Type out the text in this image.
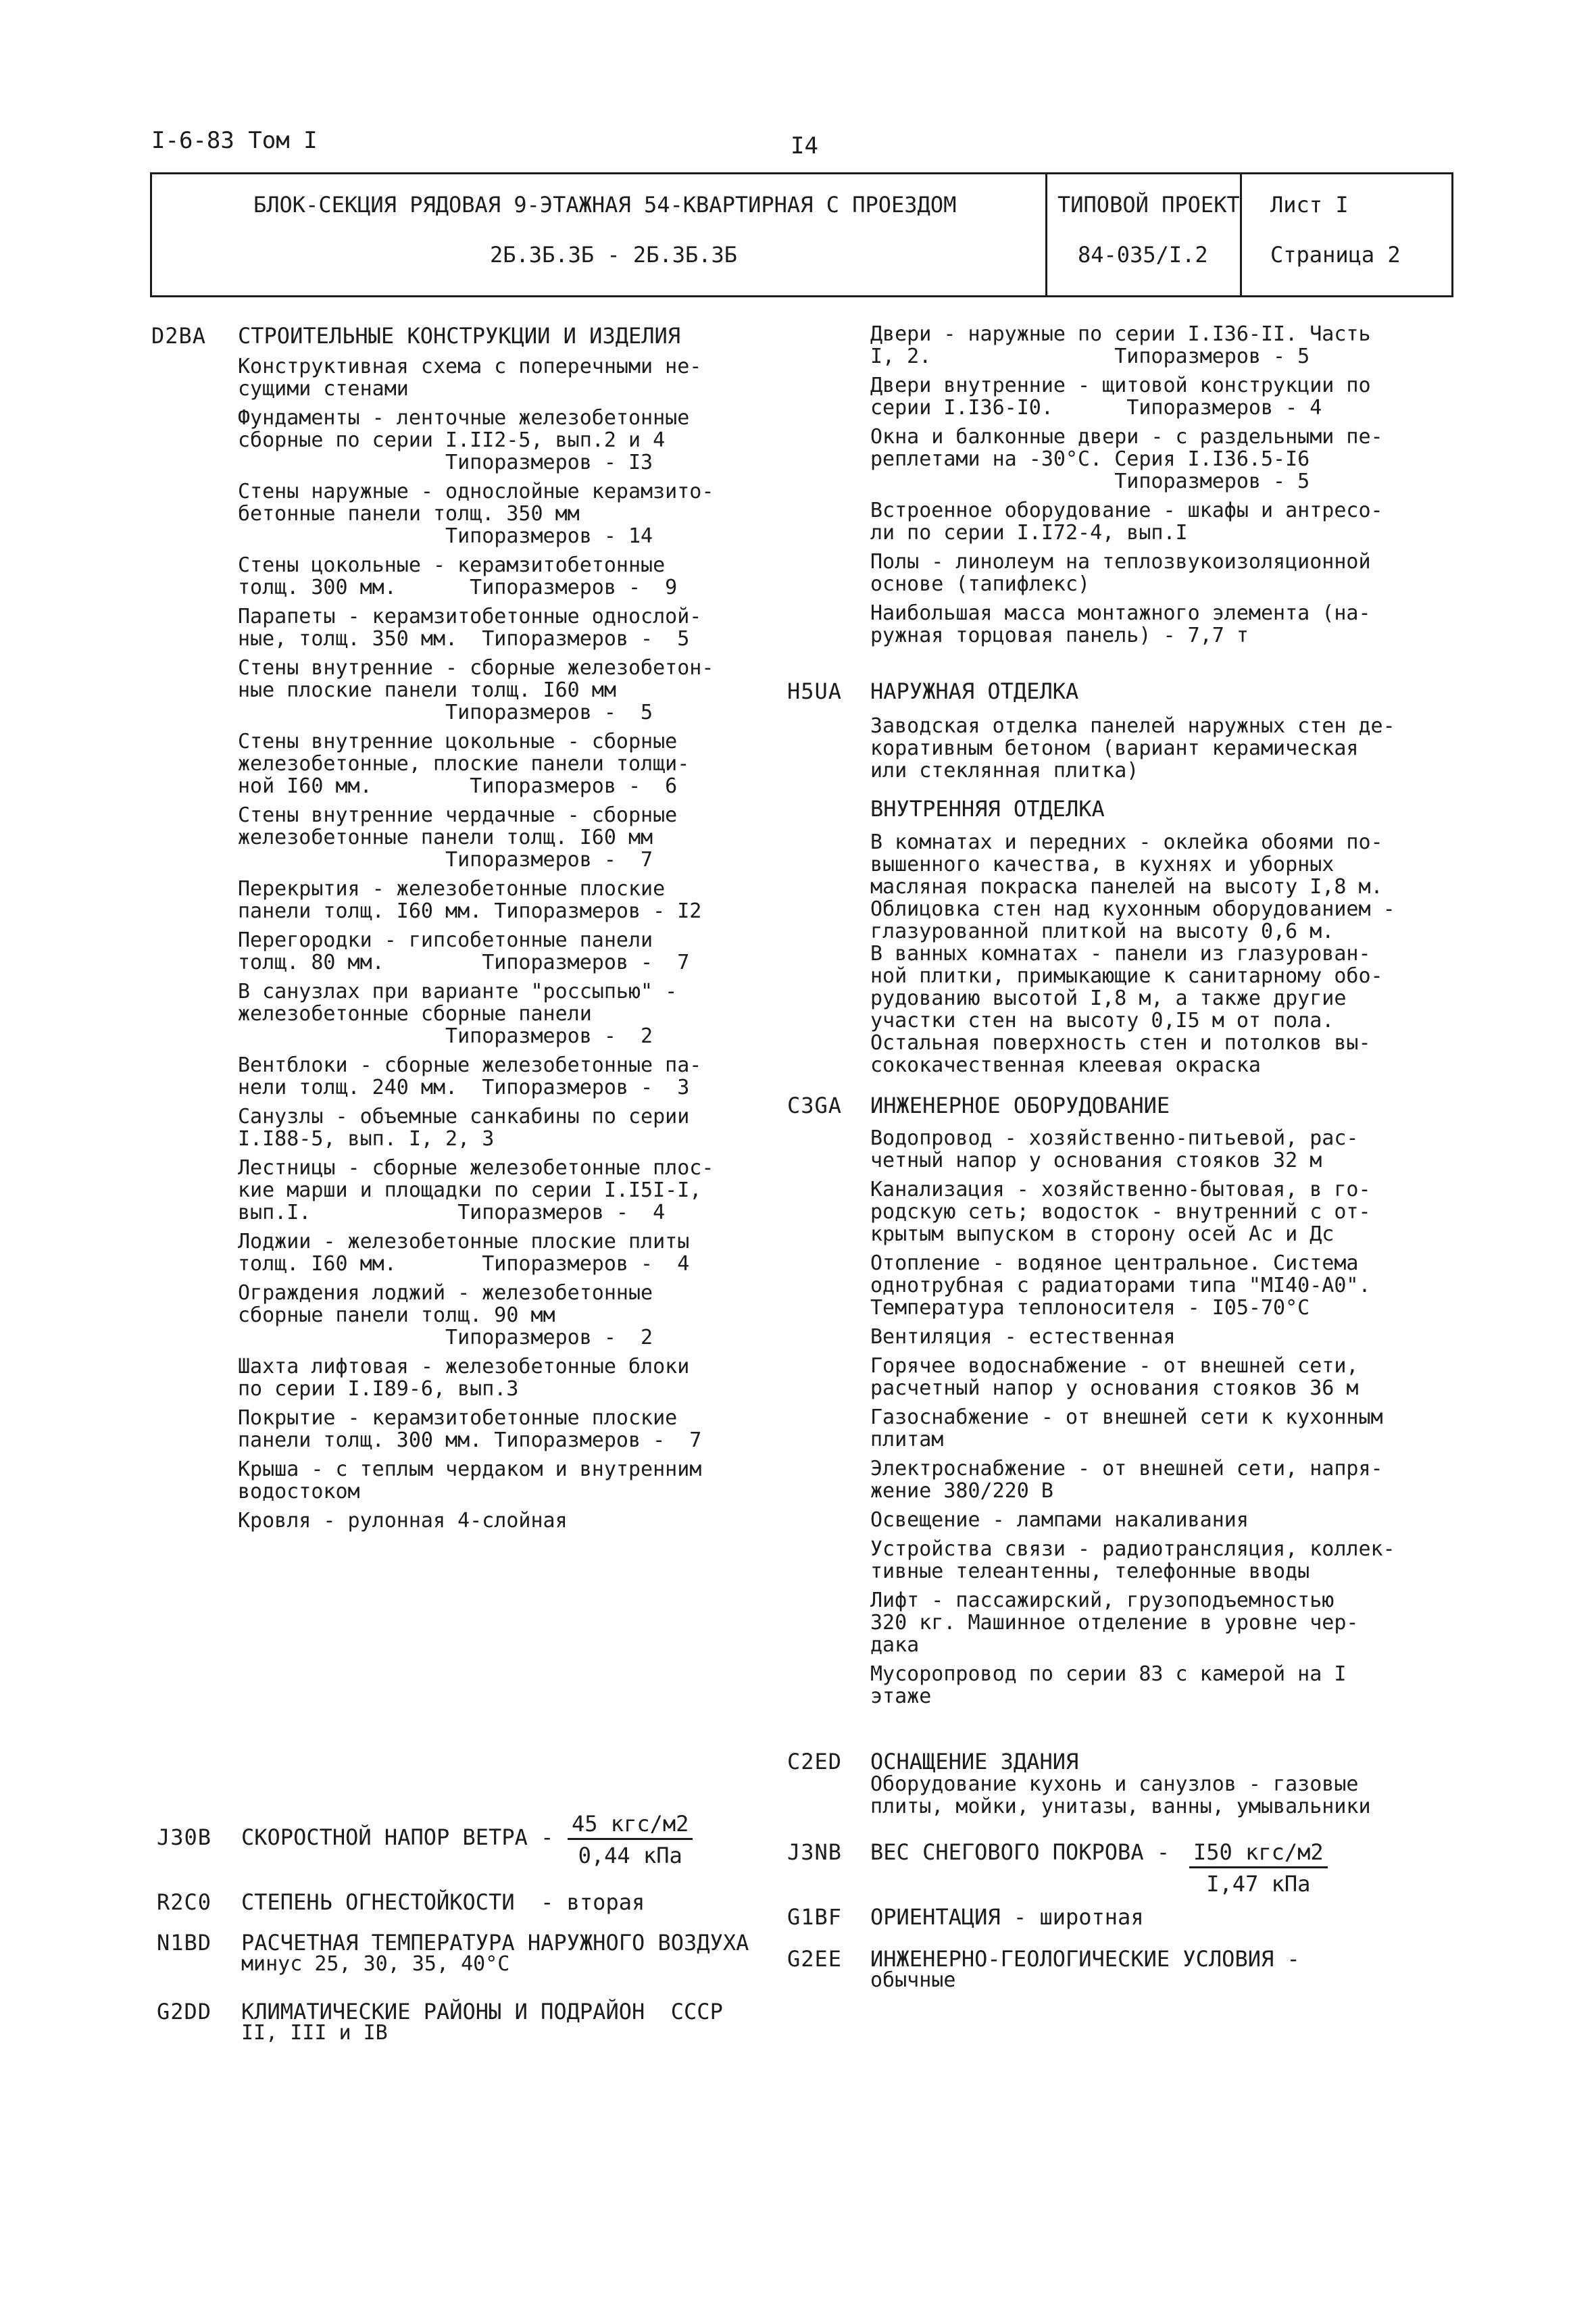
I-6-83 Том I	I4
БЛОК-СЕКЦИЯ РЯДОВАЯ 9-ЭТАЖНАЯ 54-КВАРТИРНАЯ С ПРОЕЗДОМ
2Б.3Б.3Б - 2Б.3Б.3Б
ТИПОВОЙ ПРОЕКТ
84-035/I.2
Лист I
Страница 2
D2BA СТРОИТЕЛЬНЫЕ КОНСТРУКЦИИ И ИЗДЕЛИЯ

Конструктивная схема с поперечными не-
сущими стенами

Фундаменты - ленточные железобетонные
сборные по серии I.II2-5, вып.2 и 4
Типоразмеров - I3

Стены наружные - однослойные керамзито-
бетонные панели толщ. 350 мм
Типоразмеров - 14

Стены цокольные - керамзитобетонные
толщ. 300 мм.      Типоразмеров -  9

Парапеты - керамзитобетонные однослой-
ные, толщ. 350 мм.  Типоразмеров -  5

Стены внутренние - сборные железобетон-
ные плоские панели толщ. I60 мм
Типоразмеров -  5

Стены внутренние цокольные - сборные
железобетонные, плоские панели толщи-
ной I60 мм.        Типоразмеров -  6

Стены внутренние чердачные - сборные
железобетонные панели толщ. I60 мм
Типоразмеров -  7

Перекрытия - железобетонные плоские
панели толщ. I60 мм. Типоразмеров - I2

Перегородки - гипсобетонные панели
толщ. 80 мм.        Типоразмеров -  7

В санузлах при варианте "россыпью" -
железобетонные сборные панели
Типоразмеров -  2

Вентблоки - сборные железобетонные па-
нели толщ. 240 мм.  Типоразмеров -  3

Санузлы - объемные санкабины по серии
I.I88-5, вып. I, 2, 3

Лестницы - сборные железобетонные плос-
кие марши и площадки по серии I.I5I-I,
вып.I.            Типоразмеров -  4

Лоджии - железобетонные плоские плиты
толщ. I60 мм.       Типоразмеров -  4

Ограждения лоджий - железобетонные
сборные панели толщ. 90 мм
Типоразмеров -  2

Шахта лифтовая - железобетонные блоки
по серии I.I89-6, вып.3

Покрытие - керамзитобетонные плоские
панели толщ. 300 мм. Типоразмеров -  7

Крыша - с теплым чердаком и внутренним
водостоком

Кровля - рулонная 4-слойная

Двери - наружные по серии I.I36-II. Часть
I, 2.               Типоразмеров - 5

Двери внутренние - щитовой конструкции по
серии I.I36-I0.      Типоразмеров - 4

Окна и балконные двери - с раздельными пе-
реплетами на -30°С. Серия I.I36.5-I6
Типоразмеров - 5

Встроенное оборудование - шкафы и антресо-
ли по серии I.I72-4, вып.I

Полы - линолеум на теплозвукоизоляционной
основе (тапифлекс)

Наибольшая масса монтажного элемента (на-
ружная торцовая панель) - 7,7 т

H5UA НАРУЖНАЯ ОТДЕЛКА
Заводская отделка панелей наружных стен де-
коративным бетоном (вариант керамическая
или стеклянная плитка)
ВНУТРЕННЯЯ ОТДЕЛКА
В комнатах и передних - оклейка обоями по-
вышенного качества, в кухнях и уборных
масляная покраска панелей на высоту I,8 м.
Облицовка стен над кухонным оборудованием -
глазурованной плиткой на высоту 0,6 м.
В ванных комнатах - панели из глазурован-
ной плитки, примыкающие к санитарному обо-
рудованию высотой I,8 м, а также другие
участки стен на высоту 0,I5 м от пола.
Остальная поверхность стен и потолков вы-
сококачественная клеевая окраска
C3GA ИНЖЕНЕРНОЕ ОБОРУДОВАНИЕ

Водопровод - хозяйственно-питьевой, рас-
четный напор у основания стояков 32 м

Канализация - хозяйственно-бытовая, в го-
родскую сеть; водосток - внутренний с от-
крытым выпуском в сторону осей Ас и Дс

Отопление - водяное центральное. Система
однотрубная с радиаторами типа "МI40-А0".
Температура теплоносителя - I05-70°С

Вентиляция - естественная

Горячее водоснабжение - от внешней сети,
расчетный напор у основания стояков 36 м

Газоснабжение - от внешней сети к кухонным
плитам

Электроснабжение - от внешней сети, напря-
жение 380/220 В

Освещение - лампами накаливания

Устройства связи - радиотрансляция, коллек-
тивные телеантенны, телефонные вводы

Лифт - пассажирский, грузоподъемностью
320 кг. Машинное отделение в уровне чер-
дака

Мусоропровод по серии 83 с камерой на I
этаже

C2ED ОСНАЩЕНИЕ ЗДАНИЯ
Оборудование кухонь и санузлов - газовые
плиты, мойки, унитазы, ванны, умывальники
J30B СКОРОСТНОЙ НАПОР ВЕТРА -
45 кгс/м2
0,44 кПа
R2C0 СТЕПЕНЬ ОГНЕСТОЙКОСТИ  - вторая
N1BD РАСЧЕТНАЯ ТЕМПЕРАТУРА НАРУЖНОГО ВОЗДУХА
минус 25, 30, 35, 40°С
G2DD КЛИМАТИЧЕСКИЕ РАЙОНЫ И ПОДРАЙОН  СССР
II, III и IВ
J3NB ВЕС СНЕГОВОГО ПОКРОВА - I50 кгс/м2
I,47 кПа
G1BF ОРИЕНТАЦИЯ - широтная
G2EE ИНЖЕНЕРНО-ГЕОЛОГИЧЕСКИЕ УСЛОВИЯ -
обычные
